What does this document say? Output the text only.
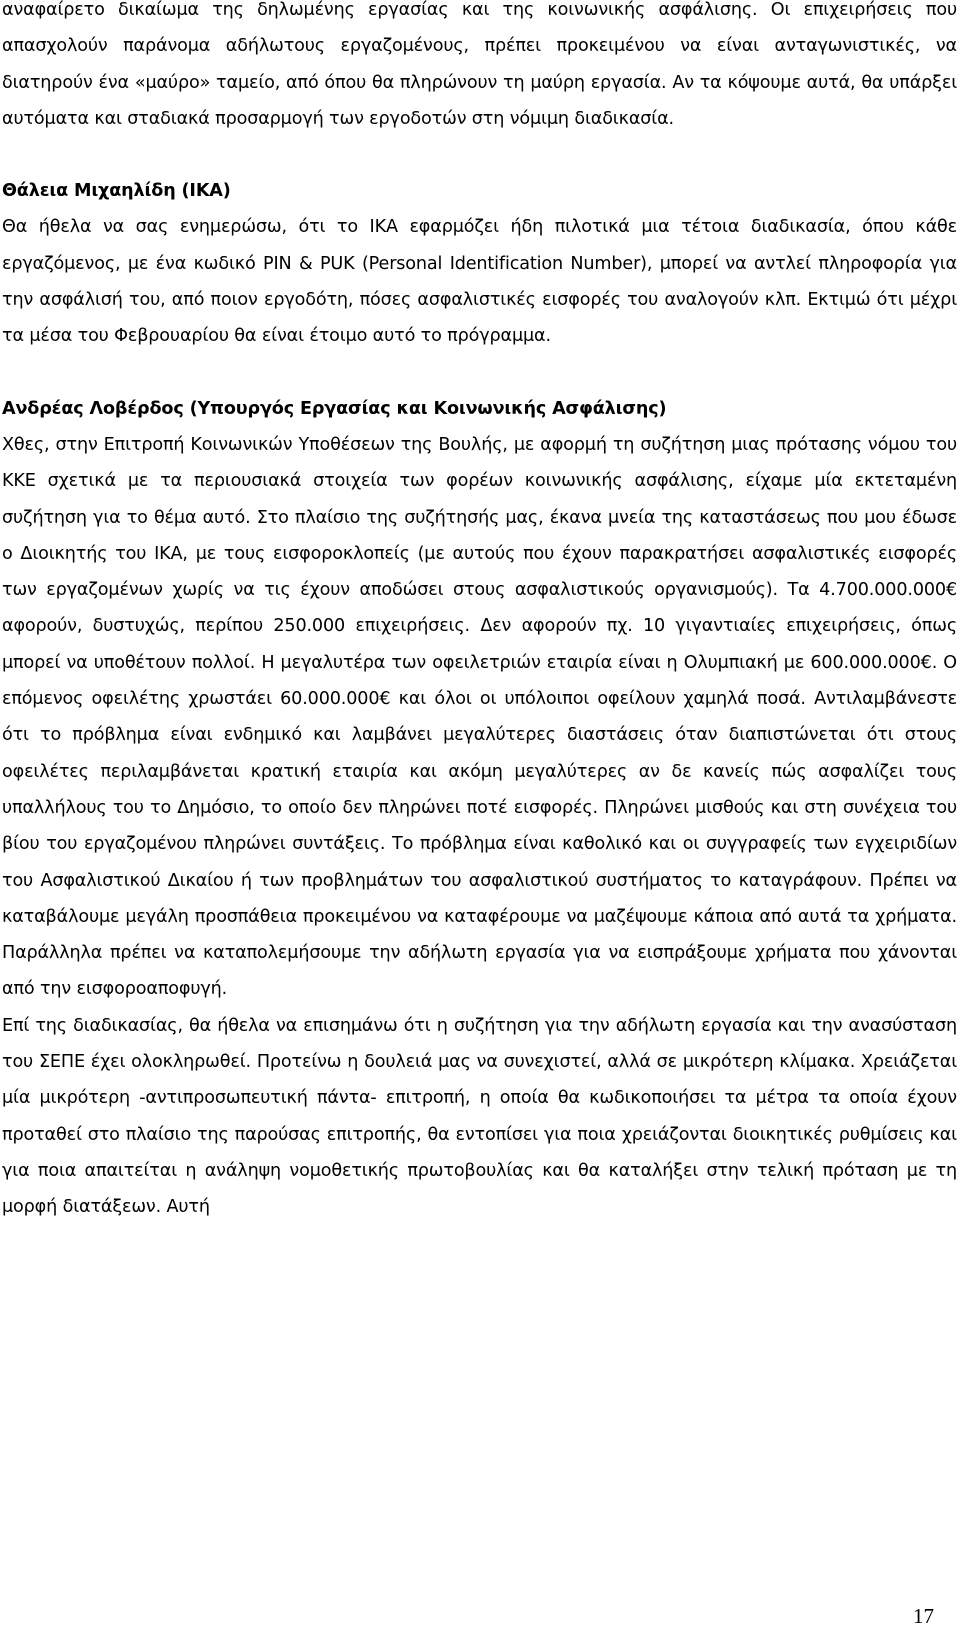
αναφαίρετο δικαίωμα της δηλωμένης εργασίας και της κοινωνικής ασφάλισης. Οι επιχειρήσεις που απασχολούν παράνομα αδήλωτους εργαζομένους, πρέπει προκειμένου να είναι ανταγωνιστικές, να διατηρούν ένα «μαύρο» ταμείο, από όπου θα πληρώνουν τη μαύρη εργασία. Αν τα κόψουμε αυτά, θα υπάρξει αυτόματα και σταδιακά προσαρμογή των εργοδοτών στη νόμιμη διαδικασία.

Θάλεια Μιχαηλίδη (ΙΚΑ)

Θα ήθελα να σας ενημερώσω, ότι το ΙΚΑ εφαρμόζει ήδη πιλοτικά μια τέτοια διαδικασία, όπου κάθε εργαζόμενος, με ένα κωδικό PIN & PUK (Personal Identification Number), μπορεί να αντλεί πληροφορία για την ασφάλισή του, από ποιον εργοδότη, πόσες ασφαλιστικές εισφορές του αναλογούν κλπ. Εκτιμώ ότι μέχρι τα μέσα του Φεβρουαρίου θα είναι έτοιμο αυτό το πρόγραμμα.

Ανδρέας Λοβέρδος (Υπουργός Εργασίας και Κοινωνικής Ασφάλισης)

Χθες, στην Επιτροπή Κοινωνικών Υποθέσεων της Βουλής, με αφορμή τη συζήτηση μιας πρότασης νόμου του ΚΚΕ σχετικά με τα περιουσιακά στοιχεία των φορέων κοινωνικής ασφάλισης, είχαμε μία εκτεταμένη συζήτηση για το θέμα αυτό. Στο πλαίσιο της συζήτησής μας, έκανα μνεία της καταστάσεως που μου έδωσε ο Διοικητής του ΙΚΑ, με τους εισφοροκλοπείς (με αυτούς που έχουν παρακρατήσει ασφαλιστικές εισφορές των εργαζομένων χωρίς να τις έχουν αποδώσει στους ασφαλιστικούς οργανισμούς). Τα 4.700.000.000€ αφορούν, δυστυχώς, περίπου 250.000 επιχειρήσεις. Δεν αφορούν πχ. 10 γιγαντιαίες επιχειρήσεις, όπως μπορεί να υποθέτουν πολλοί. Η μεγαλυτέρα των οφειλετριών εταιρία είναι η Ολυμπιακή με 600.000.000€. Ο επόμενος οφειλέτης χρωστάει 60.000.000€ και όλοι οι υπόλοιποι οφείλουν χαμηλά ποσά. Αντιλαμβάνεστε ότι το πρόβλημα είναι ενδημικό και λαμβάνει μεγαλύτερες διαστάσεις όταν διαπιστώνεται ότι στους οφειλέτες περιλαμβάνεται κρατική εταιρία και ακόμη μεγαλύτερες αν δε κανείς πώς ασφαλίζει τους υπαλλήλους του το Δημόσιο, το οποίο δεν πληρώνει ποτέ εισφορές. Πληρώνει μισθούς και στη συνέχεια του βίου του εργαζομένου πληρώνει συντάξεις. Το πρόβλημα είναι καθολικό και οι συγγραφείς των εγχειριδίων του Ασφαλιστικού Δικαίου ή των προβλημάτων του ασφαλιστικού συστήματος το καταγράφουν. Πρέπει να καταβάλουμε μεγάλη προσπάθεια προκειμένου να καταφέρουμε να μαζέψουμε κάποια από αυτά τα χρήματα. Παράλληλα πρέπει να καταπολεμήσουμε την αδήλωτη εργασία για να εισπράξουμε χρήματα που χάνονται από την εισφοροαποφυγή.

Επί της διαδικασίας, θα ήθελα να επισημάνω ότι η συζήτηση για την αδήλωτη εργασία και την ανασύσταση του ΣΕΠΕ έχει ολοκληρωθεί. Προτείνω η δουλειά μας να συνεχιστεί, αλλά σε μικρότερη κλίμακα. Χρειάζεται μία μικρότερη -αντιπροσωπευτική πάντα- επιτροπή, η οποία θα κωδικοποιήσει τα μέτρα τα οποία έχουν προταθεί στο πλαίσιο της παρούσας επιτροπής, θα εντοπίσει για ποια χρειάζονται διοικητικές ρυθμίσεις και για ποια απαιτείται η ανάληψη νομοθετικής πρωτοβουλίας και θα καταλήξει στην τελική πρόταση με τη μορφή διατάξεων. Αυτή

17
